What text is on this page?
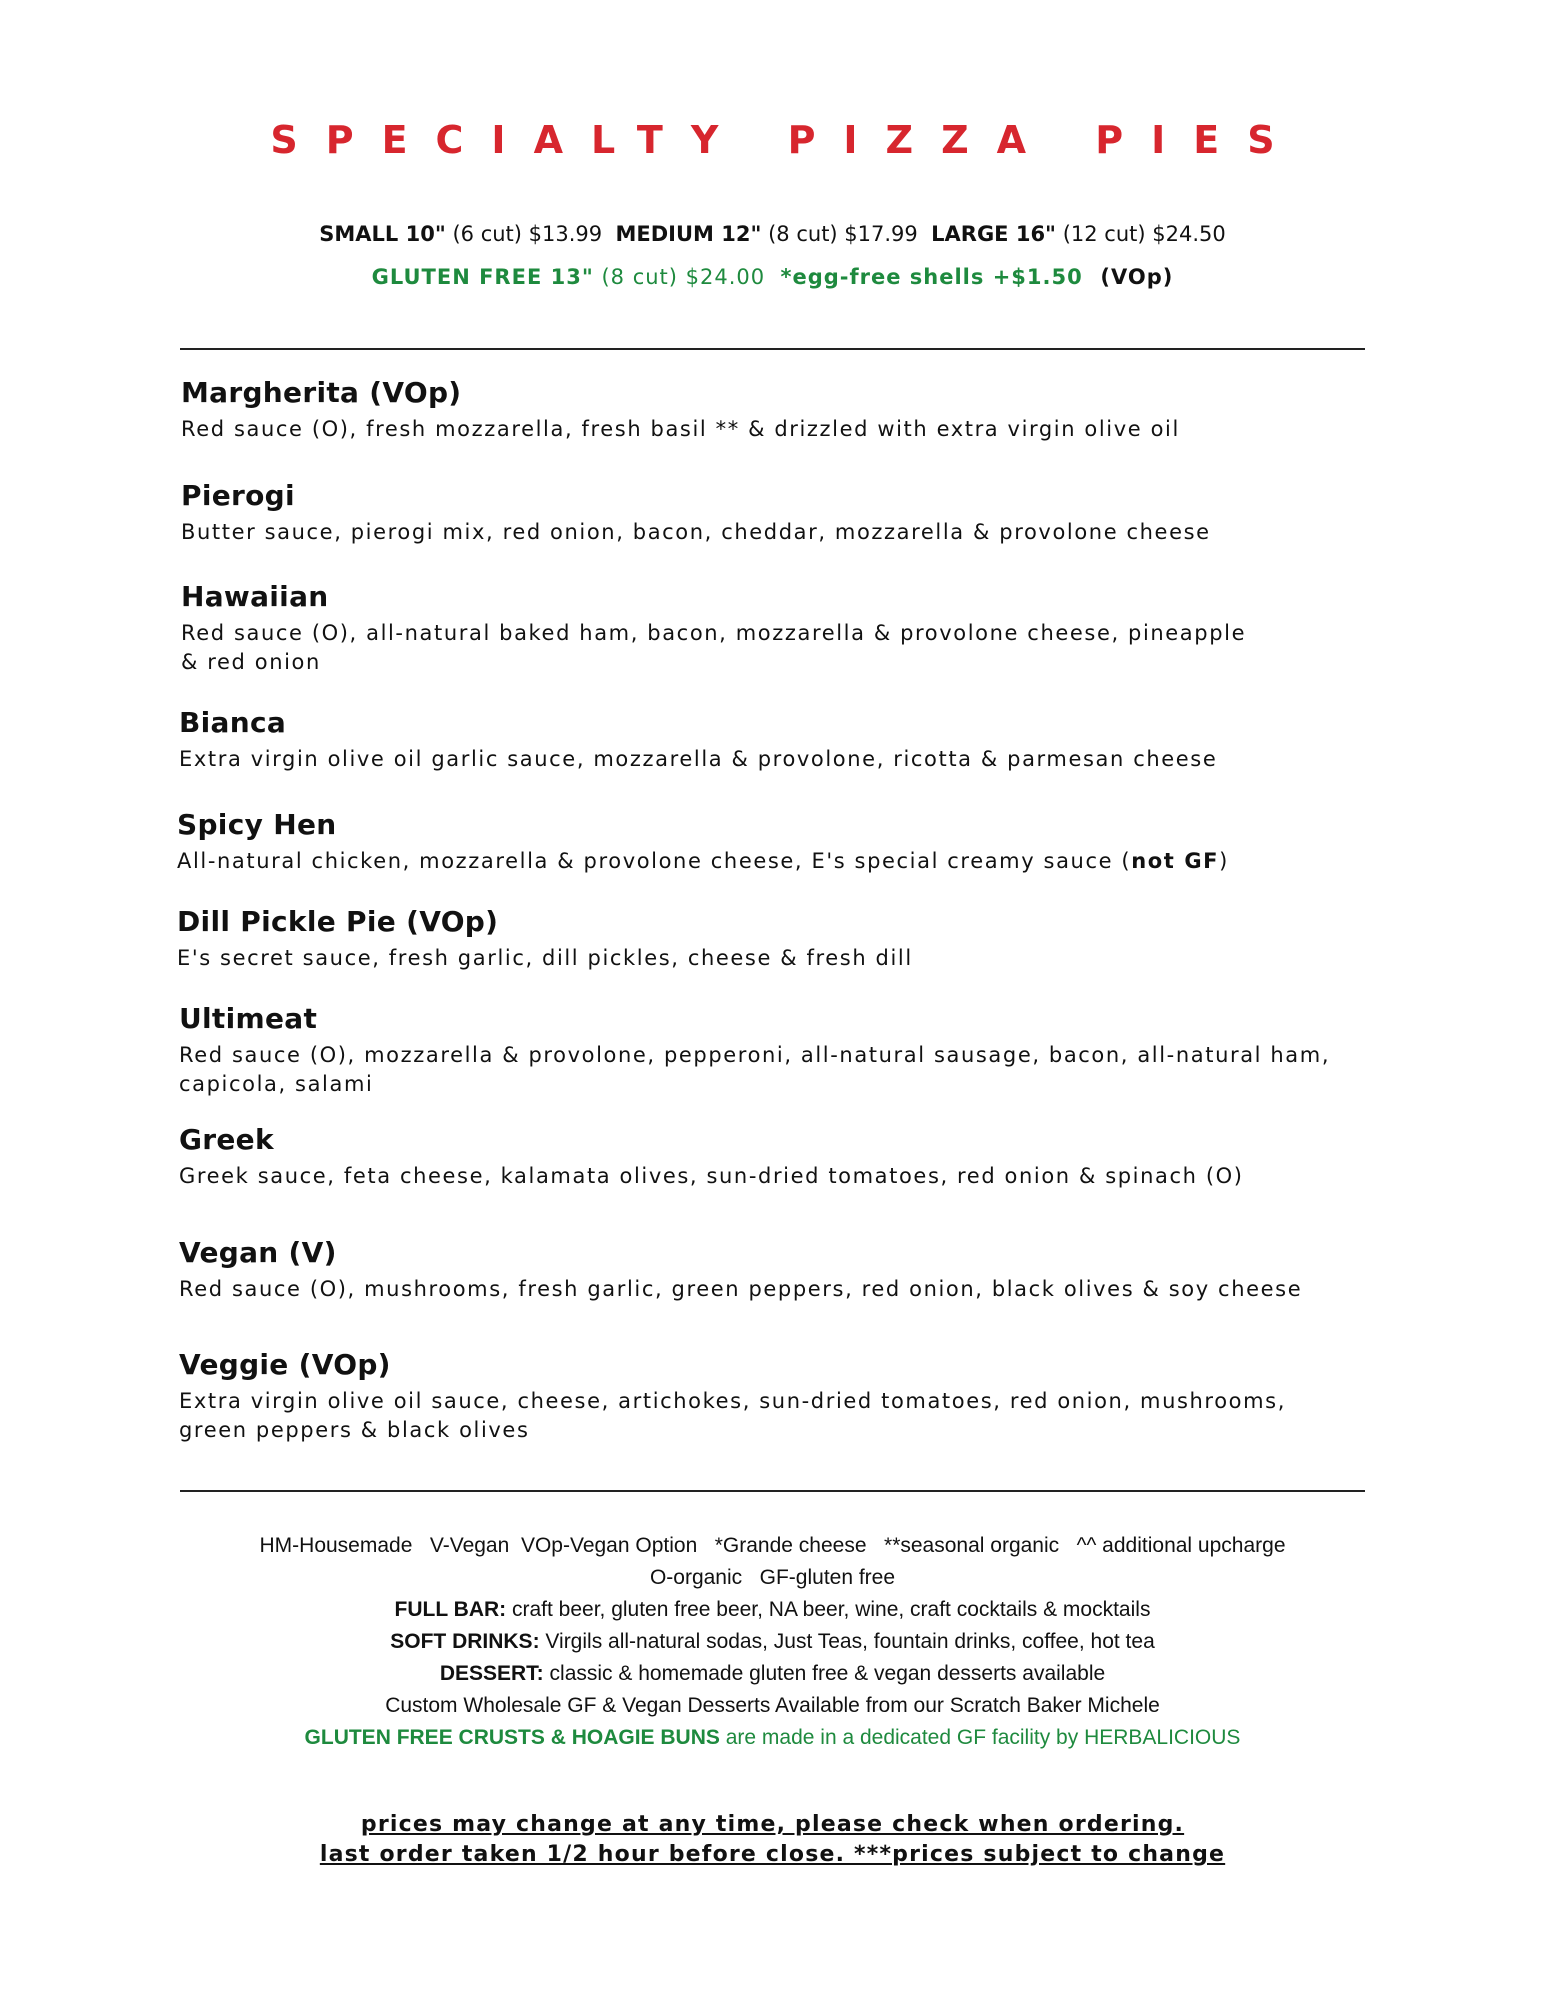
SPECIALTY PIZZA PIES
SMALL 10" (6 cut) $13.99 MEDIUM 12" (8 cut) $17.99 LARGE 16" (12 cut) $24.50
GLUTEN FREE 13" (8 cut) $24.00 *egg-free shells +$1.50 (VOp)
Margherita (VOp)
Red sauce (O), fresh mozzarella, fresh basil ** & drizzled with extra virgin olive oil
Pierogi
Butter sauce, pierogi mix, red onion, bacon, cheddar, mozzarella & provolone cheese
Hawaiian
Red sauce (O), all-natural baked ham, bacon, mozzarella & provolone cheese, pineapple & red onion
Bianca
Extra virgin olive oil garlic sauce, mozzarella & provolone, ricotta & parmesan cheese
Spicy Hen
All-natural chicken, mozzarella & provolone cheese, E's special creamy sauce (not GF)
Dill Pickle Pie (VOp)
E's secret sauce, fresh garlic, dill pickles, cheese & fresh dill
Ultimeat
Red sauce (O), mozzarella & provolone, pepperoni, all-natural sausage, bacon, all-natural ham, capicola, salami
Greek
Greek sauce, feta cheese, kalamata olives, sun-dried tomatoes, red onion & spinach (O)
Vegan (V)
Red sauce (O), mushrooms, fresh garlic, green peppers, red onion, black olives & soy cheese
Veggie (VOp)
Extra virgin olive oil sauce, cheese, artichokes, sun-dried tomatoes, red onion, mushrooms, green peppers & black olives
HM-Housemade   V-Vegan  VOp-Vegan Option   *Grande cheese   **seasonal organic   ^^ additional upcharge
O-organic   GF-gluten free
FULL BAR: craft beer, gluten free beer, NA beer, wine, craft cocktails & mocktails
SOFT DRINKS: Virgils all-natural sodas, Just Teas, fountain drinks, coffee, hot tea
DESSERT: classic & homemade gluten free & vegan desserts available
Custom Wholesale GF & Vegan Desserts Available from our Scratch Baker Michele
GLUTEN FREE CRUSTS & HOAGIE BUNS are made in a dedicated GF facility by HERBALICIOUS
prices may change at any time, please check when ordering.
last order taken 1/2 hour before close. ***prices subject to change
